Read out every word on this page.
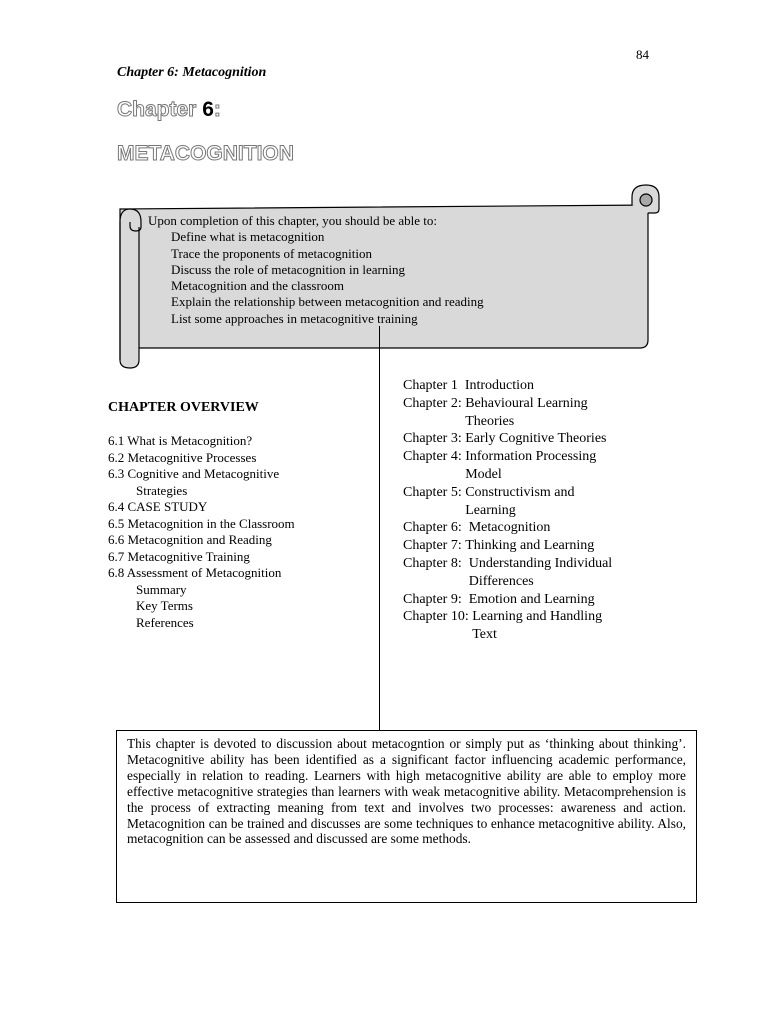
84
Chapter 6: Metacognition
Chapter 6:
METACOGNITION

Upon completion of this chapter, you should be able to:

Define what is metacognition
Trace the proponents of metacognition
Discuss the role of metacognition in learning
Metacognition and the classroom
Explain the relationship between metacognition and reading
List some approaches in metacognitive training
CHAPTER OVERVIEW
6.1 What is Metacognition?
6.2 Metacognitive Processes
6.3 Cognitive and Metacognitive
Strategies
6.4 CASE STUDY
6.5 Metacognition in the Classroom
6.6 Metacognition and Reading
6.7 Metacognitive Training
6.8 Assessment of Metacognition
Summary
Key Terms
References
Chapter 1 Introduction
Chapter 2: Behavioural Learning Theories
Chapter 3: Early Cognitive Theories
Chapter 4: Information Processing Model
Chapter 5: Constructivism and Learning
Chapter 6: Metacognition
Chapter 7: Thinking and Learning
Chapter 8: Understanding Individual Differences
Chapter 9: Emotion and Learning
Chapter 10: Learning and Handling Text
This chapter is devoted to discussion about metacogntion or simply put as ‘thinking about thinking’. Metacognitive ability has been identified as a significant factor influencing academic performance, especially in relation to reading. Learners with high metacognitive ability are able to employ more effective metacognitive strategies than learners with weak metacognitive ability. Metacomprehension is the process of extracting meaning from text and involves two processes: awareness and action. Metacognition can be trained and discusses are some techniques to enhance metacognitive ability. Also, metacognition can be assessed and discussed are some methods.
